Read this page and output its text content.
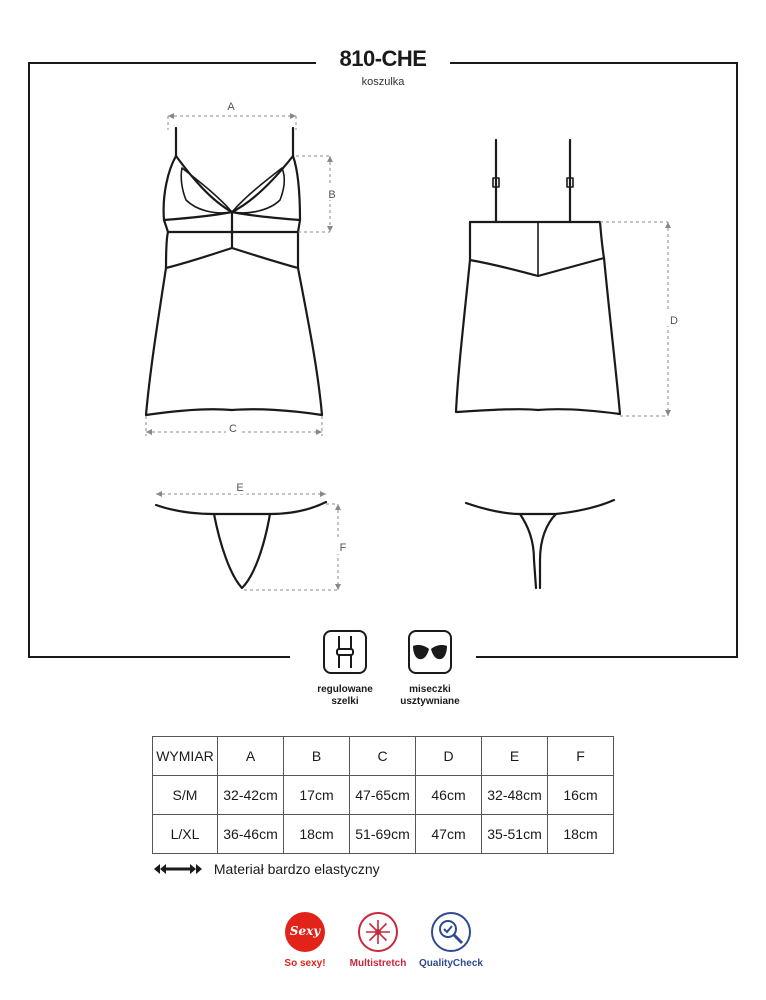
810-CHE
koszulka
A
B
C
D
E
F
regulowane
szelki
miseczki
usztywniane
WYMIAR	A	B	C	D	E	F
S/M	32-42cm	17cm	47-65cm	46cm	32-48cm	16cm
L/XL	36-46cm	18cm	51-69cm	47cm	35-51cm	18cm
Materiał bardzo elastyczny
Sexy
So sexy!	Multistretch	QualityCheck
